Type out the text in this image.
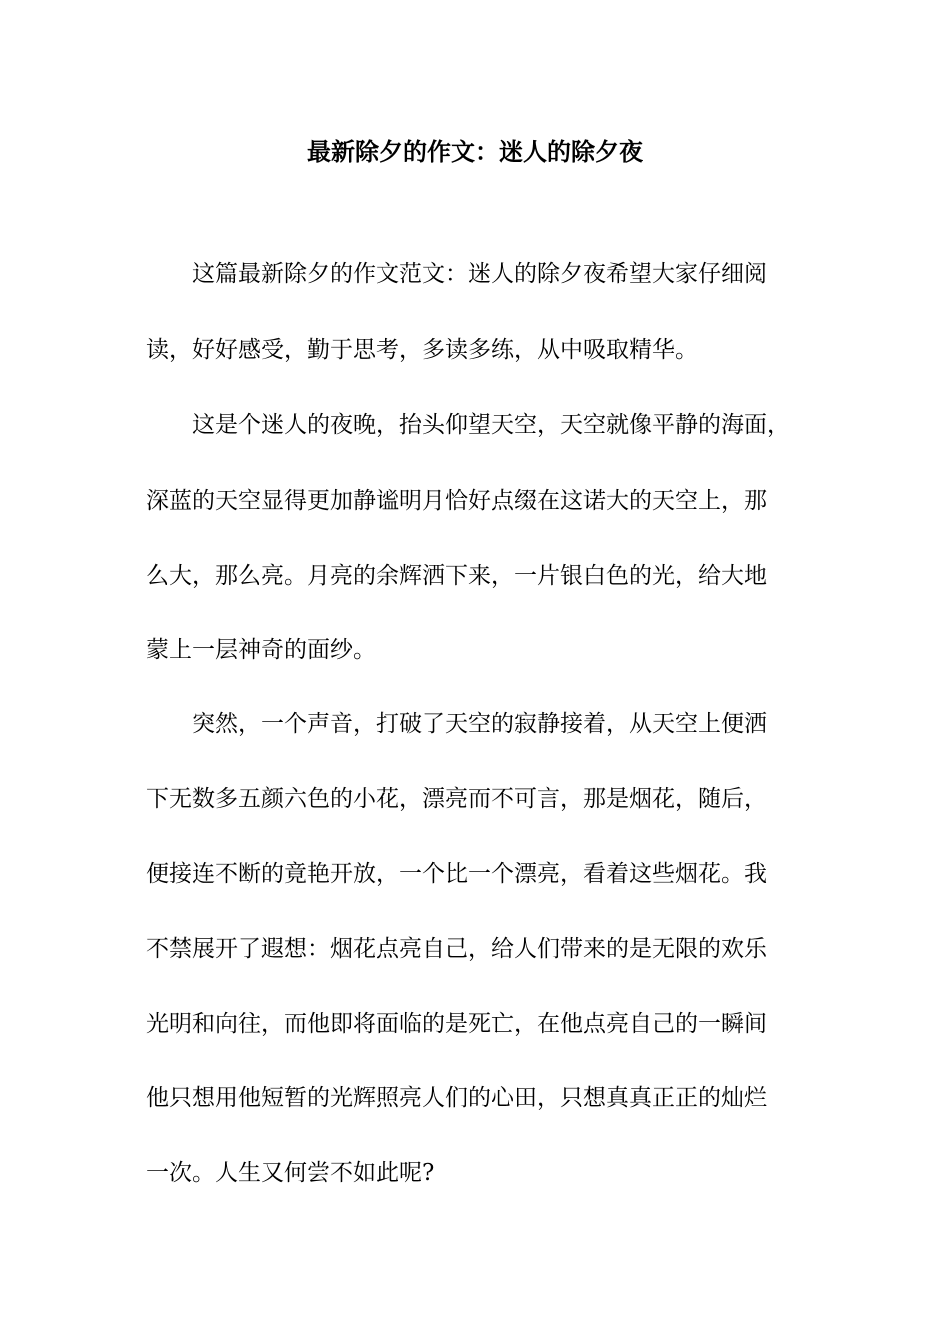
最新除夕的作文：迷人的除夕夜

这篇最新除夕的作文范文：迷人的除夕夜希望大家仔细阅

读，好好感受，勤于思考，多读多练，从中吸取精华。

这是个迷人的夜晚，抬头仰望天空，天空就像平静的海面，

深蓝的天空显得更加静谧明月恰好点缀在这诺大的天空上，那

么大，那么亮。月亮的余辉洒下来，一片银白色的光，给大地

蒙上一层神奇的面纱。

突然，一个声音，打破了天空的寂静接着，从天空上便洒

下无数多五颜六色的小花，漂亮而不可言，那是烟花，随后，

便接连不断的竟艳开放，一个比一个漂亮，看着这些烟花。我

不禁展开了遐想：烟花点亮自己，给人们带来的是无限的欢乐

光明和向往，而他即将面临的是死亡，在他点亮自己的一瞬间

他只想用他短暂的光辉照亮人们的心田，只想真真正正的灿烂

一次。人生又何尝不如此呢?
